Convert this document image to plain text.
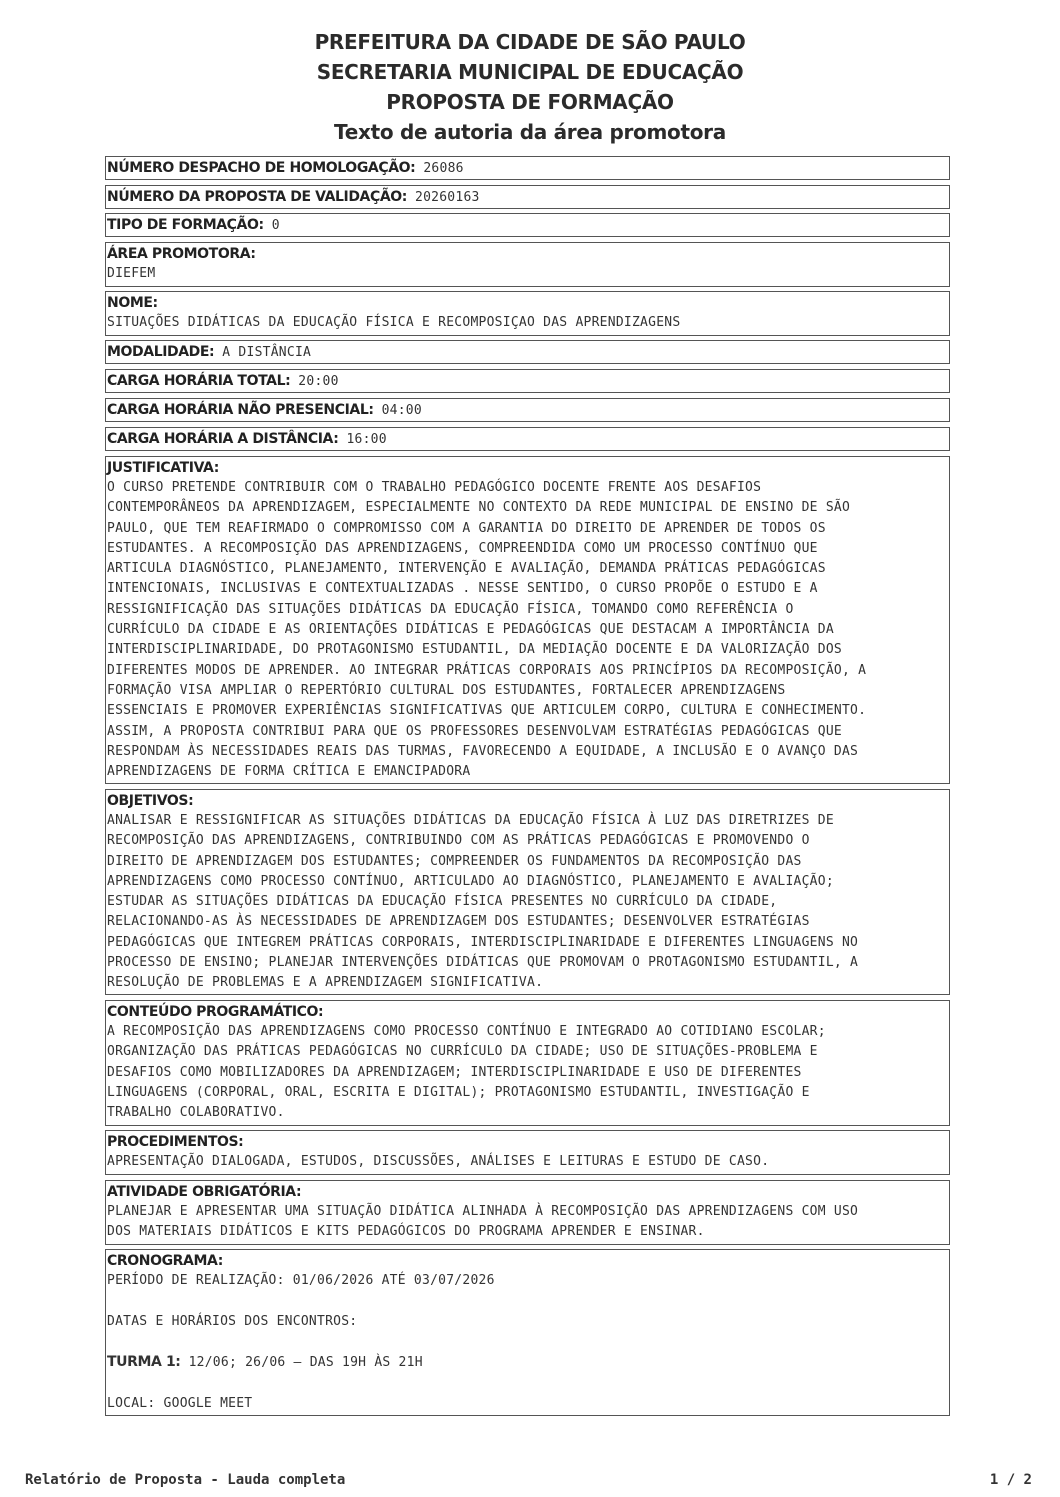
PREFEITURA DA CIDADE DE SÃO PAULO
SECRETARIA MUNICIPAL DE EDUCAÇÃO
PROPOSTA DE FORMAÇÃO
Texto de autoria da área promotora
NÚMERO DESPACHO DE HOMOLOGAÇÃO: 26086
NÚMERO DA PROPOSTA DE VALIDAÇÃO: 20260163
TIPO DE FORMAÇÃO: 0
ÁREA PROMOTORA:
DIEFEM
NOME:
SITUAÇÕES DIDÁTICAS DA EDUCAÇÃO FÍSICA E RECOMPOSIÇAO DAS APRENDIZAGENS
MODALIDADE: A DISTÂNCIA
CARGA HORÁRIA TOTAL: 20:00
CARGA HORÁRIA NÃO PRESENCIAL: 04:00
CARGA HORÁRIA A DISTÂNCIA: 16:00
JUSTIFICATIVA:
O CURSO PRETENDE CONTRIBUIR COM O TRABALHO PEDAGÓGICO DOCENTE FRENTE AOS DESAFIOS
CONTEMPORÂNEOS DA APRENDIZAGEM, ESPECIALMENTE NO CONTEXTO DA REDE MUNICIPAL DE ENSINO DE SÃO
PAULO, QUE TEM REAFIRMADO O COMPROMISSO COM A GARANTIA DO DIREITO DE APRENDER DE TODOS OS
ESTUDANTES. A RECOMPOSIÇÃO DAS APRENDIZAGENS, COMPREENDIDA COMO UM PROCESSO CONTÍNUO QUE
ARTICULA DIAGNÓSTICO, PLANEJAMENTO, INTERVENÇÃO E AVALIAÇÃO, DEMANDA PRÁTICAS PEDAGÓGICAS
INTENCIONAIS, INCLUSIVAS E CONTEXTUALIZADAS . NESSE SENTIDO, O CURSO PROPÕE O ESTUDO E A
RESSIGNIFICAÇÃO DAS SITUAÇÕES DIDÁTICAS DA EDUCAÇÃO FÍSICA, TOMANDO COMO REFERÊNCIA O
CURRÍCULO DA CIDADE E AS ORIENTAÇÕES DIDÁTICAS E PEDAGÓGICAS QUE DESTACAM A IMPORTÂNCIA DA
INTERDISCIPLINARIDADE, DO PROTAGONISMO ESTUDANTIL, DA MEDIAÇÃO DOCENTE E DA VALORIZAÇÃO DOS
DIFERENTES MODOS DE APRENDER. AO INTEGRAR PRÁTICAS CORPORAIS AOS PRINCÍPIOS DA RECOMPOSIÇÃO, A
FORMAÇÃO VISA AMPLIAR O REPERTÓRIO CULTURAL DOS ESTUDANTES, FORTALECER APRENDIZAGENS
ESSENCIAIS E PROMOVER EXPERIÊNCIAS SIGNIFICATIVAS QUE ARTICULEM CORPO, CULTURA E CONHECIMENTO.
ASSIM, A PROPOSTA CONTRIBUI PARA QUE OS PROFESSORES DESENVOLVAM ESTRATÉGIAS PEDAGÓGICAS QUE
RESPONDAM ÀS NECESSIDADES REAIS DAS TURMAS, FAVORECENDO A EQUIDADE, A INCLUSÃO E O AVANÇO DAS
APRENDIZAGENS DE FORMA CRÍTICA E EMANCIPADORA
OBJETIVOS:
ANALISAR E RESSIGNIFICAR AS SITUAÇÕES DIDÁTICAS DA EDUCAÇÃO FÍSICA À LUZ DAS DIRETRIZES DE
RECOMPOSIÇÃO DAS APRENDIZAGENS, CONTRIBUINDO COM AS PRÁTICAS PEDAGÓGICAS E PROMOVENDO O
DIREITO DE APRENDIZAGEM DOS ESTUDANTES; COMPREENDER OS FUNDAMENTOS DA RECOMPOSIÇÃO DAS
APRENDIZAGENS COMO PROCESSO CONTÍNUO, ARTICULADO AO DIAGNÓSTICO, PLANEJAMENTO E AVALIAÇÃO;
ESTUDAR AS SITUAÇÕES DIDÁTICAS DA EDUCAÇÃO FÍSICA PRESENTES NO CURRÍCULO DA CIDADE,
RELACIONANDO-AS ÀS NECESSIDADES DE APRENDIZAGEM DOS ESTUDANTES; DESENVOLVER ESTRATÉGIAS
PEDAGÓGICAS QUE INTEGREM PRÁTICAS CORPORAIS, INTERDISCIPLINARIDADE E DIFERENTES LINGUAGENS NO
PROCESSO DE ENSINO; PLANEJAR INTERVENÇÕES DIDÁTICAS QUE PROMOVAM O PROTAGONISMO ESTUDANTIL, A
RESOLUÇÃO DE PROBLEMAS E A APRENDIZAGEM SIGNIFICATIVA.
CONTEÚDO PROGRAMÁTICO:
A RECOMPOSIÇÃO DAS APRENDIZAGENS COMO PROCESSO CONTÍNUO E INTEGRADO AO COTIDIANO ESCOLAR;
ORGANIZAÇÃO DAS PRÁTICAS PEDAGÓGICAS NO CURRÍCULO DA CIDADE; USO DE SITUAÇÕES-PROBLEMA E
DESAFIOS COMO MOBILIZADORES DA APRENDIZAGEM; INTERDISCIPLINARIDADE E USO DE DIFERENTES
LINGUAGENS (CORPORAL, ORAL, ESCRITA E DIGITAL); PROTAGONISMO ESTUDANTIL, INVESTIGAÇÃO E
TRABALHO COLABORATIVO.
PROCEDIMENTOS:
APRESENTAÇÃO DIALOGADA, ESTUDOS, DISCUSSÕES, ANÁLISES E LEITURAS E ESTUDO DE CASO.
ATIVIDADE OBRIGATÓRIA:
PLANEJAR E APRESENTAR UMA SITUAÇÃO DIDÁTICA ALINHADA À RECOMPOSIÇÃO DAS APRENDIZAGENS COM USO
DOS MATERIAIS DIDÁTICOS E KITS PEDAGÓGICOS DO PROGRAMA APRENDER E ENSINAR.
CRONOGRAMA:
PERÍODO DE REALIZAÇÃO: 01/06/2026 ATÉ 03/07/2026
DATAS E HORÁRIOS DOS ENCONTROS:
TURMA 1: 12/06; 26/06 — DAS 19H ÀS 21H
LOCAL: GOOGLE MEET
Relatório de Proposta - Lauda completa	1 / 2
